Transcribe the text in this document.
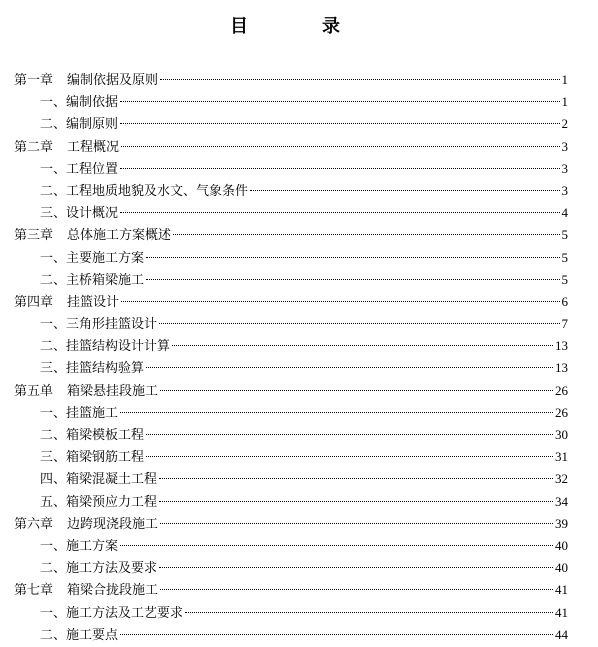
目　录
第一章 编制依据及原则	1
一、编制依据	1
二、编制原则	2
第二章 工程概况	3
一、工程位置	3
二、工程地质地貌及水文、气象条件	3
三、设计概况	4
第三章 总体施工方案概述	5
一、主要施工方案	5
二、主桥箱梁施工	5
第四章 挂篮设计	6
一、三角形挂篮设计	7
二、挂篮结构设计计算	13
三、挂篮结构验算	13
第五单 箱梁悬挂段施工	26
一、挂篮施工	26
二、箱梁模板工程	30
三、箱梁钢筋工程	31
四、箱梁混凝土工程	32
五、箱梁预应力工程	34
第六章 边跨现浇段施工	39
一、施工方案	40
二、施工方法及要求	40
第七章 箱梁合拢段施工	41
一、施工方法及工艺要求	41
二、施工要点	44
